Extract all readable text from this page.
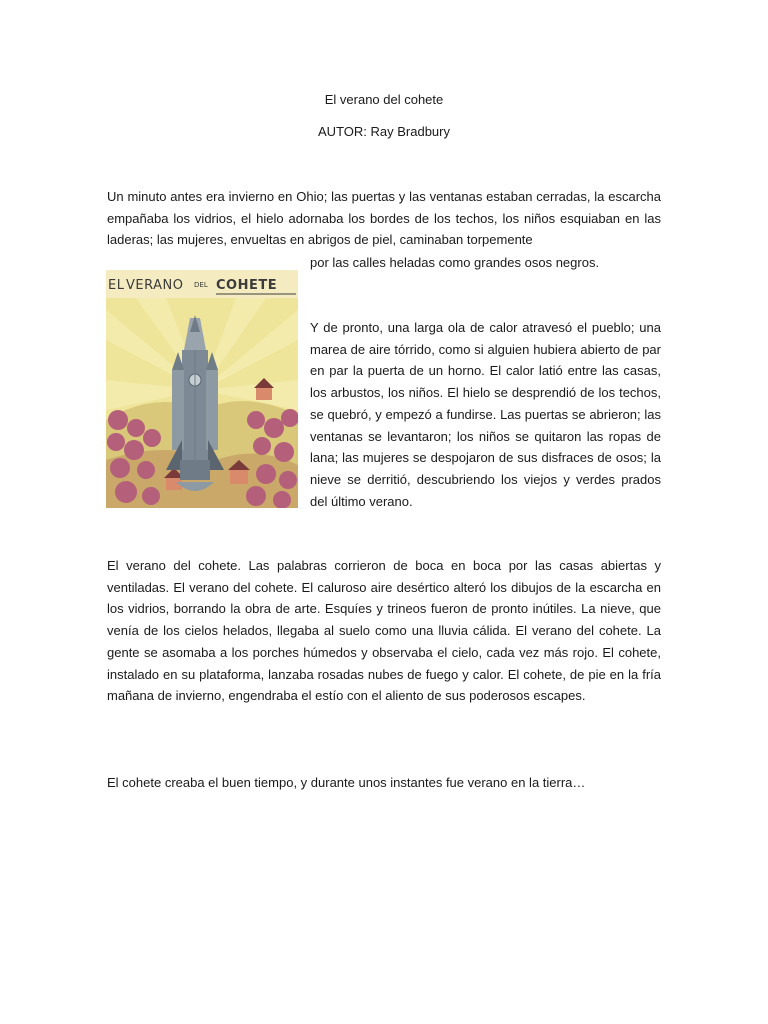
El verano del cohete
AUTOR: Ray Bradbury

Un minuto antes era invierno en Ohio; las puertas y las ventanas estaban cerradas, la escarcha empañaba los vidrios, el hielo adornaba los bordes de los techos, los niños esquiaban en las laderas; las mujeres, envueltas en abrigos de piel, caminaban torpemente

por las calles heladas como grandes osos negros.

EL VERANO DEL COHETE

Y de pronto, una larga ola de calor atravesó el pueblo; una marea de aire tórrido, como si alguien hubiera abierto de par en par la puerta de un horno. El calor latió entre las casas, los arbustos, los niños. El hielo se desprendió de los techos, se quebró, y empezó a fundirse. Las puertas se abrieron; las ventanas se levantaron; los niños se quitaron las ropas de lana; las mujeres se despojaron de sus disfraces de osos; la nieve se derritió, descubriendo los viejos y verdes prados del último verano.

El verano del cohete. Las palabras corrieron de boca en boca por las casas abiertas y ventiladas. El verano del cohete. El caluroso aire desértico alteró los dibujos de la escarcha en los vidrios, borrando la obra de arte. Esquíes y trineos fueron de pronto inútiles. La nieve, que venía de los cielos helados, llegaba al suelo como una lluvia cálida. El verano del cohete. La gente se asomaba a los porches húmedos y observaba el cielo, cada vez más rojo. El cohete, instalado en su plataforma, lanzaba rosadas nubes de fuego y calor. El cohete, de pie en la fría mañana de invierno, engendraba el estío con el aliento de sus poderosos escapes.

El cohete creaba el buen tiempo, y durante unos instantes fue verano en la tierra…
